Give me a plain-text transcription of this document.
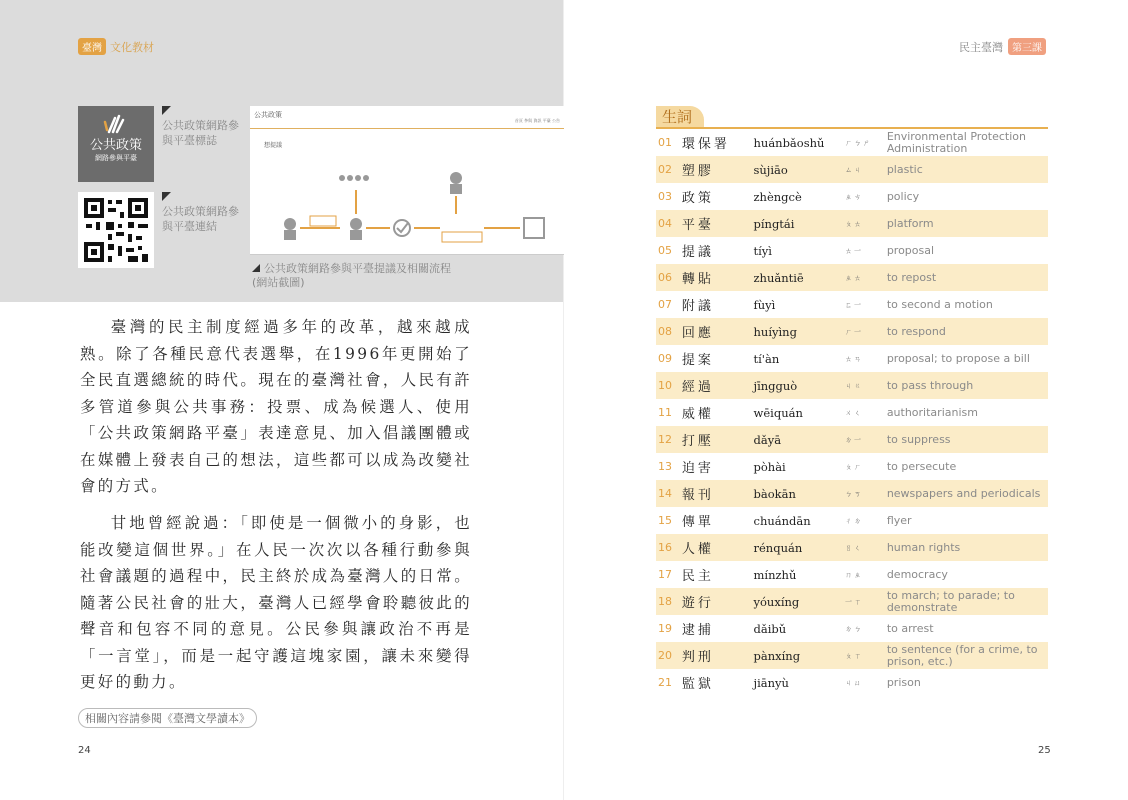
臺灣 文化教材
公共政策
網路參與平臺
公共政策網路參與平臺標誌
公共政策網路參與平臺連結
公共政策
首頁 參與 資訊 平臺 公告
想提議
公共政策網路參與平臺提議及相關流程
(網站截圖)

臺灣的民主制度經過多年的改革，越來越成熟。除了各種民意代表選舉，在1996年更開始了全民直選總統的時代。現在的臺灣社會，人民有許多管道參與公共事務：投票、成為候選人、使用「公共政策網路平臺」表達意見、加入倡議團體或在媒體上發表自己的想法，這些都可以成為改變社會的方式。

甘地曾經說過：「即使是一個微小的身影，也能改變這個世界。」在人民一次次以各種行動參與社會議題的過程中，民主終於成為臺灣人的日常。隨著公民社會的壯大，臺灣人已經學會聆聽彼此的聲音和包容不同的意見。公民參與讓政治不再是「一言堂」，而是一起守護這塊家園，讓未來變得更好的動力。

相關內容請參閱《臺灣文學讀本》
24
民主臺灣 第三課
生詞
01 環保署	huánbǎoshǔ	ㄏㄅㄕ	Environmental Protection Administration
02 塑膠	sùjiāo	ㄙㄐ	plastic
03 政策	zhèngcè	ㄓㄘ	policy
04 平臺	píngtái	ㄆㄊ	platform
05 提議	tíyì	ㄊ一	proposal
06 轉貼	zhuǎntiē	ㄓㄊ	to repost
07 附議	fùyì	ㄈ一	to second a motion
08 回應	huíyìng	ㄏ一	to respond
09 提案	tí'àn	ㄊㄢ	proposal; to propose a bill
10 經過	jīngguò	ㄐㄍ	to pass through
11 威權	wēiquán	ㄨㄑ	authoritarianism
12 打壓	dǎyā	ㄉ一	to suppress
13 迫害	pòhài	ㄆㄏ	to persecute
14 報刊	bàokān	ㄅㄎ	newspapers and periodicals
15 傳單	chuándān	ㄔㄉ	flyer
16 人權	rénquán	ㄖㄑ	human rights
17 民主	mínzhǔ	ㄇㄓ	democracy
18 遊行	yóuxíng	一ㄒ	to march; to parade; to demonstrate
19 逮捕	dǎibǔ	ㄉㄅ	to arrest
20 判刑	pànxíng	ㄆㄒ	to sentence (for a crime, to prison, etc.)
21 監獄	jiānyù	ㄐㄩ	prison
25
